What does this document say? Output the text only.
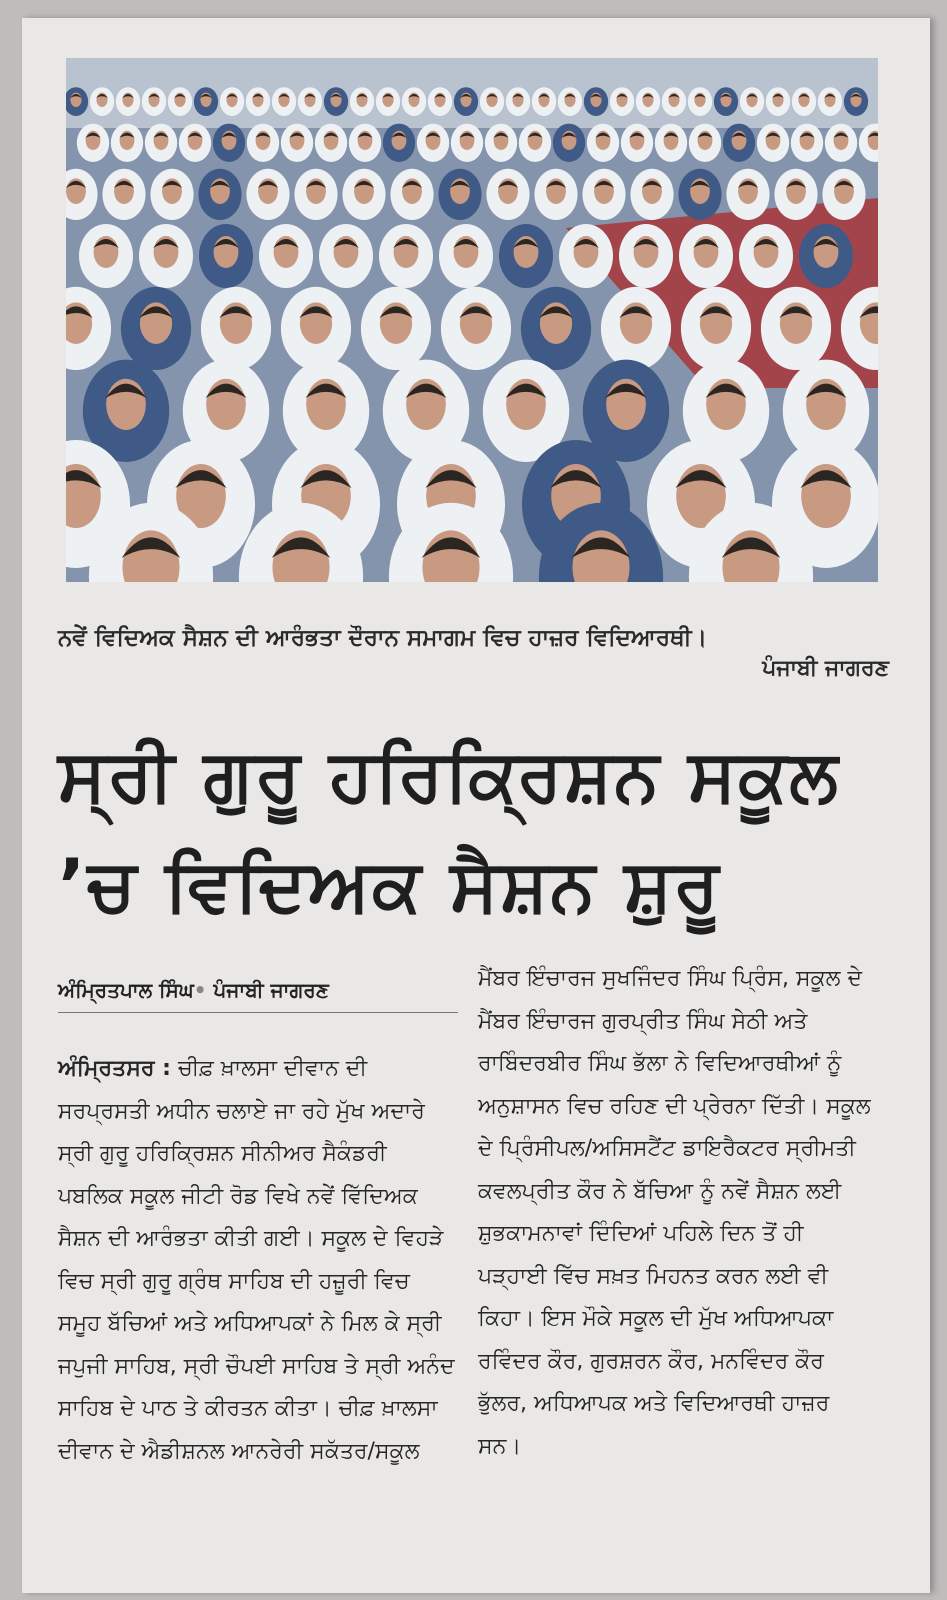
ਨਵੇਂ ਵਿਦਿਅਕ ਸੈਸ਼ਨ ਦੀ ਆਰੰਭਤਾ ਦੌਰਾਨ ਸਮਾਗਮ ਵਿਚ ਹਾਜ਼ਰ ਵਿਦਿਆਰਥੀ।
ਪੰਜਾਬੀ ਜਾਗਰਣ
ਸ੍ਰੀ ਗੁਰੂ ਹਰਿਕ੍ਰਿਸ਼ਨ ਸਕੂਲ
’ਚ ਵਿਦਿਅਕ ਸੈਸ਼ਨ ਸ਼ੁਰੂ
ਅੰਮ੍ਰਿਤਪਾਲ ਸਿੰਘ• ਪੰਜਾਬੀ ਜਾਗਰਣ
ਅੰਮ੍ਰਿਤਸਰ : ਚੀਫ਼ ਖ਼ਾਲਸਾ ਦੀਵਾਨ ਦੀ ਸਰਪ੍ਰਸਤੀ ਅਧੀਨ ਚਲਾਏ ਜਾ ਰਹੇ ਮੁੱਖ ਅਦਾਰੇ ਸ੍ਰੀ ਗੁਰੂ ਹਰਿਕ੍ਰਿਸ਼ਨ ਸੀਨੀਅਰ ਸੈਕੰਡਰੀ ਪਬਲਿਕ ਸਕੂਲ ਜੀਟੀ ਰੋਡ ਵਿਖੇ ਨਵੇਂ ਵਿੱਦਿਅਕ ਸੈਸ਼ਨ ਦੀ ਆਰੰਭਤਾ ਕੀਤੀ ਗਈ। ਸਕੂਲ ਦੇ ਵਿਹੜੇ ਵਿਚ ਸ੍ਰੀ ਗੁਰੂ ਗ੍ਰੰਥ ਸਾਹਿਬ ਦੀ ਹਜ਼ੂਰੀ ਵਿਚ ਸਮੂਹ ਬੱਚਿਆਂ ਅਤੇ ਅਧਿਆਪਕਾਂ ਨੇ ਮਿਲ ਕੇ ਸ੍ਰੀ ਜਪੁਜੀ ਸਾਹਿਬ, ਸ੍ਰੀ ਚੌਪਈ ਸਾਹਿਬ ਤੇ ਸ੍ਰੀ ਅਨੰਦ ਸਾਹਿਬ ਦੇ ਪਾਠ ਤੇ ਕੀਰਤਨ ਕੀਤਾ। ਚੀਫ਼ ਖ਼ਾਲਸਾ ਦੀਵਾਨ ਦੇ ਐਡੀਸ਼ਨਲ ਆਨਰੇਰੀ ਸਕੱਤਰ/ਸਕੂਲ
ਮੈਂਬਰ ਇੰਚਾਰਜ ਸੁਖਜਿੰਦਰ ਸਿੰਘ ਪ੍ਰਿੰਸ, ਸਕੂਲ ਦੇ ਮੈਂਬਰ ਇੰਚਾਰਜ ਗੁਰਪ੍ਰੀਤ ਸਿੰਘ ਸੇਠੀ ਅਤੇ ਰਾਬਿੰਦਰਬੀਰ ਸਿੰਘ ਭੱਲਾ ਨੇ ਵਿਦਿਆਰਥੀਆਂ ਨੂੰ ਅਨੁਸ਼ਾਸਨ ਵਿਚ ਰਹਿਣ ਦੀ ਪ੍ਰੇਰਨਾ ਦਿੱਤੀ। ਸਕੂਲ ਦੇ ਪ੍ਰਿੰਸੀਪਲ/ਅਸਿਸਟੈਂਟ ਡਾਇਰੈਕਟਰ ਸ੍ਰੀਮਤੀ ਕਵਲਪ੍ਰੀਤ ਕੌਰ ਨੇ ਬੱਚਿਆ ਨੂੰ ਨਵੇਂ ਸੈਸ਼ਨ ਲਈ ਸ਼ੁਭਕਾਮਨਾਵਾਂ ਦਿੰਦਿਆਂ ਪਹਿਲੇ ਦਿਨ ਤੋਂ ਹੀ ਪੜ੍ਹਾਈ ਵਿੱਚ ਸਖ਼ਤ ਮਿਹਨਤ ਕਰਨ ਲਈ ਵੀ ਕਿਹਾ। ਇਸ ਮੌਕੇ ਸਕੂਲ ਦੀ ਮੁੱਖ ਅਧਿਆਪਕਾ ਰਵਿੰਦਰ ਕੌਰ, ਗੁਰਸ਼ਰਨ ਕੌਰ, ਮਨਵਿੰਦਰ ਕੌਰ ਭੁੱਲਰ, ਅਧਿਆਪਕ ਅਤੇ ਵਿਦਿਆਰਥੀ ਹਾਜ਼ਰ ਸਨ।
